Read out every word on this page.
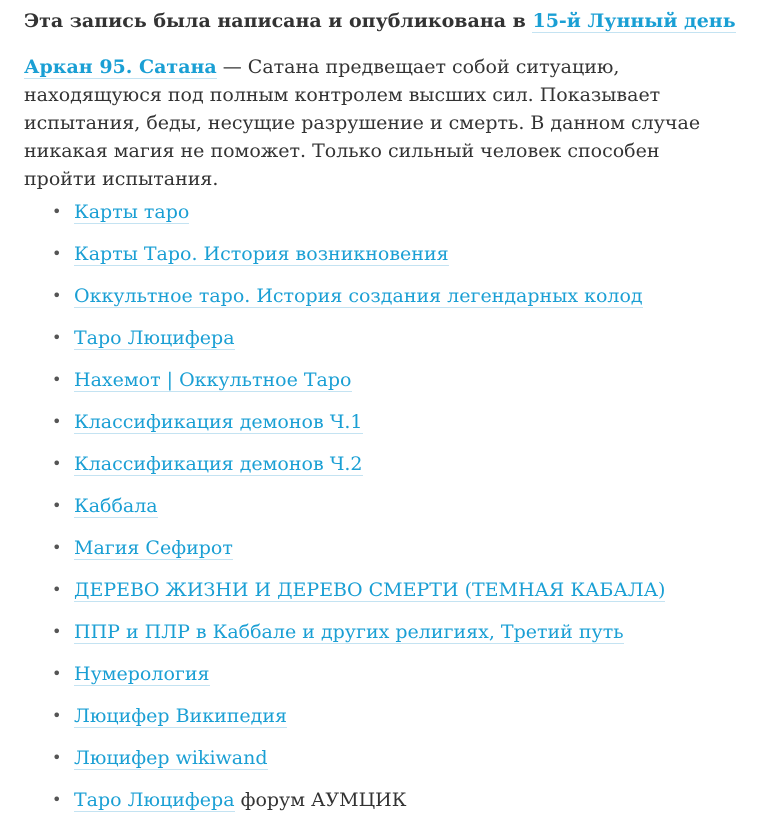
Эта запись была написана и опубликована в 15-й Лунный день

Аркан 95. Сатана — Сатана предвещает собой ситуацию, находящуюся под полным контролем высших сил. Показывает испытания, беды, несущие разрушение и смерть. В данном случае никакая магия не поможет. Только сильный человек способен пройти испытания.

• Карты таро
• Карты Таро. История возникновения
• Оккультное таро. История создания легендарных колод
• Таро Люцифера
• Нахемот | Оккультное Таро
• Классификация демонов Ч.1
• Классификация демонов Ч.2
• Каббала
• Магия Сефирот
• ДЕРЕВО ЖИЗНИ И ДЕРЕВО СМЕРТИ (ТЕМНАЯ КАБАЛА)
• ППР и ПЛР в Каббале и других религиях, Третий путь
• Нумерология
• Люцифер Википедия
• Люцифер wikiwand
• Таро Люцифера форум АУМЦИК
